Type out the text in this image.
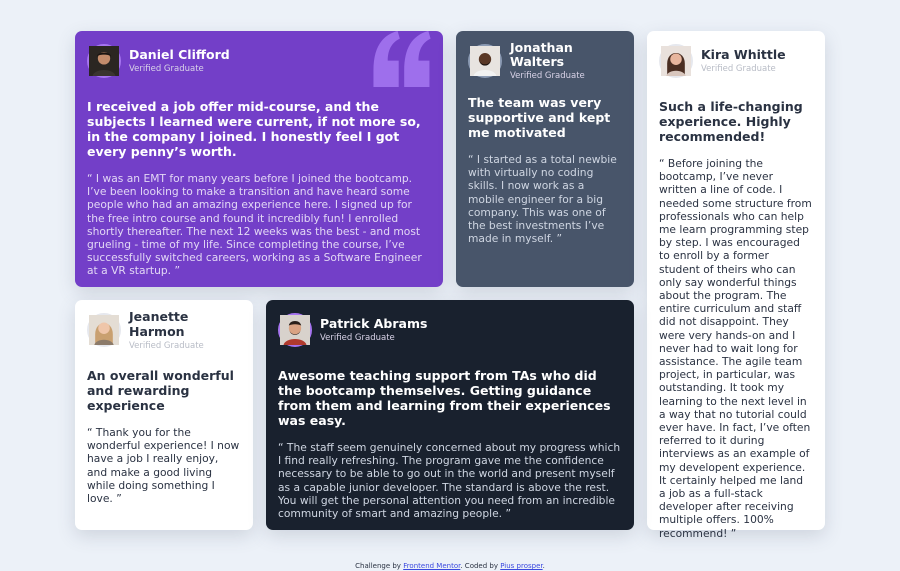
Daniel Clifford
Verified Graduate
I received a job offer mid-course, and the subjects I learned were current, if not more so, in the company I joined. I honestly feel I got every penny’s worth.
“ I was an EMT for many years before I joined the bootcamp. I’ve been looking to make a transition and have heard some people who had an amazing experience here. I signed up for the free intro course and found it incredibly fun! I enrolled shortly thereafter. The next 12 weeks was the best - and most grueling - time of my life. Since completing the course, I’ve successfully switched careers, working as a Software Engineer at a VR startup. ”
Jonathan Walters
Verified Graduate
The team was very supportive and kept me motivated
“ I started as a total newbie with virtually no coding skills. I now work as a mobile engineer for a big company. This was one of the best investments I’ve made in myself. ”
Kira Whittle
Verified Graduate
Such a life-changing experience. Highly recommended!
“ Before joining the bootcamp, I’ve never written a line of code. I needed some structure from professionals who can help me learn programming step by step. I was encouraged to enroll by a former student of theirs who can only say wonderful things about the program. The entire curriculum and staff did not disappoint. They were very hands-on and I never had to wait long for assistance. The agile team project, in particular, was outstanding. It took my learning to the next level in a way that no tutorial could ever have. In fact, I’ve often referred to it during interviews as an example of my developent experience. It certainly helped me land a job as a full-stack developer after receiving multiple offers. 100% recommend! ”
Jeanette Harmon
Verified Graduate
An overall wonderful and rewarding experience
“ Thank you for the wonderful experience! I now have a job I really enjoy, and make a good living while doing something I love. ”
Patrick Abrams
Verified Graduate
Awesome teaching support from TAs who did the bootcamp themselves. Getting guidance from them and learning from their experiences was easy.
“ The staff seem genuinely concerned about my progress which I find really refreshing. The program gave me the confidence necessary to be able to go out in the world and present myself as a capable junior developer. The standard is above the rest. You will get the personal attention you need from an incredible community of smart and amazing people. ”
Challenge by Frontend Mentor. Coded by Pius prosper.
